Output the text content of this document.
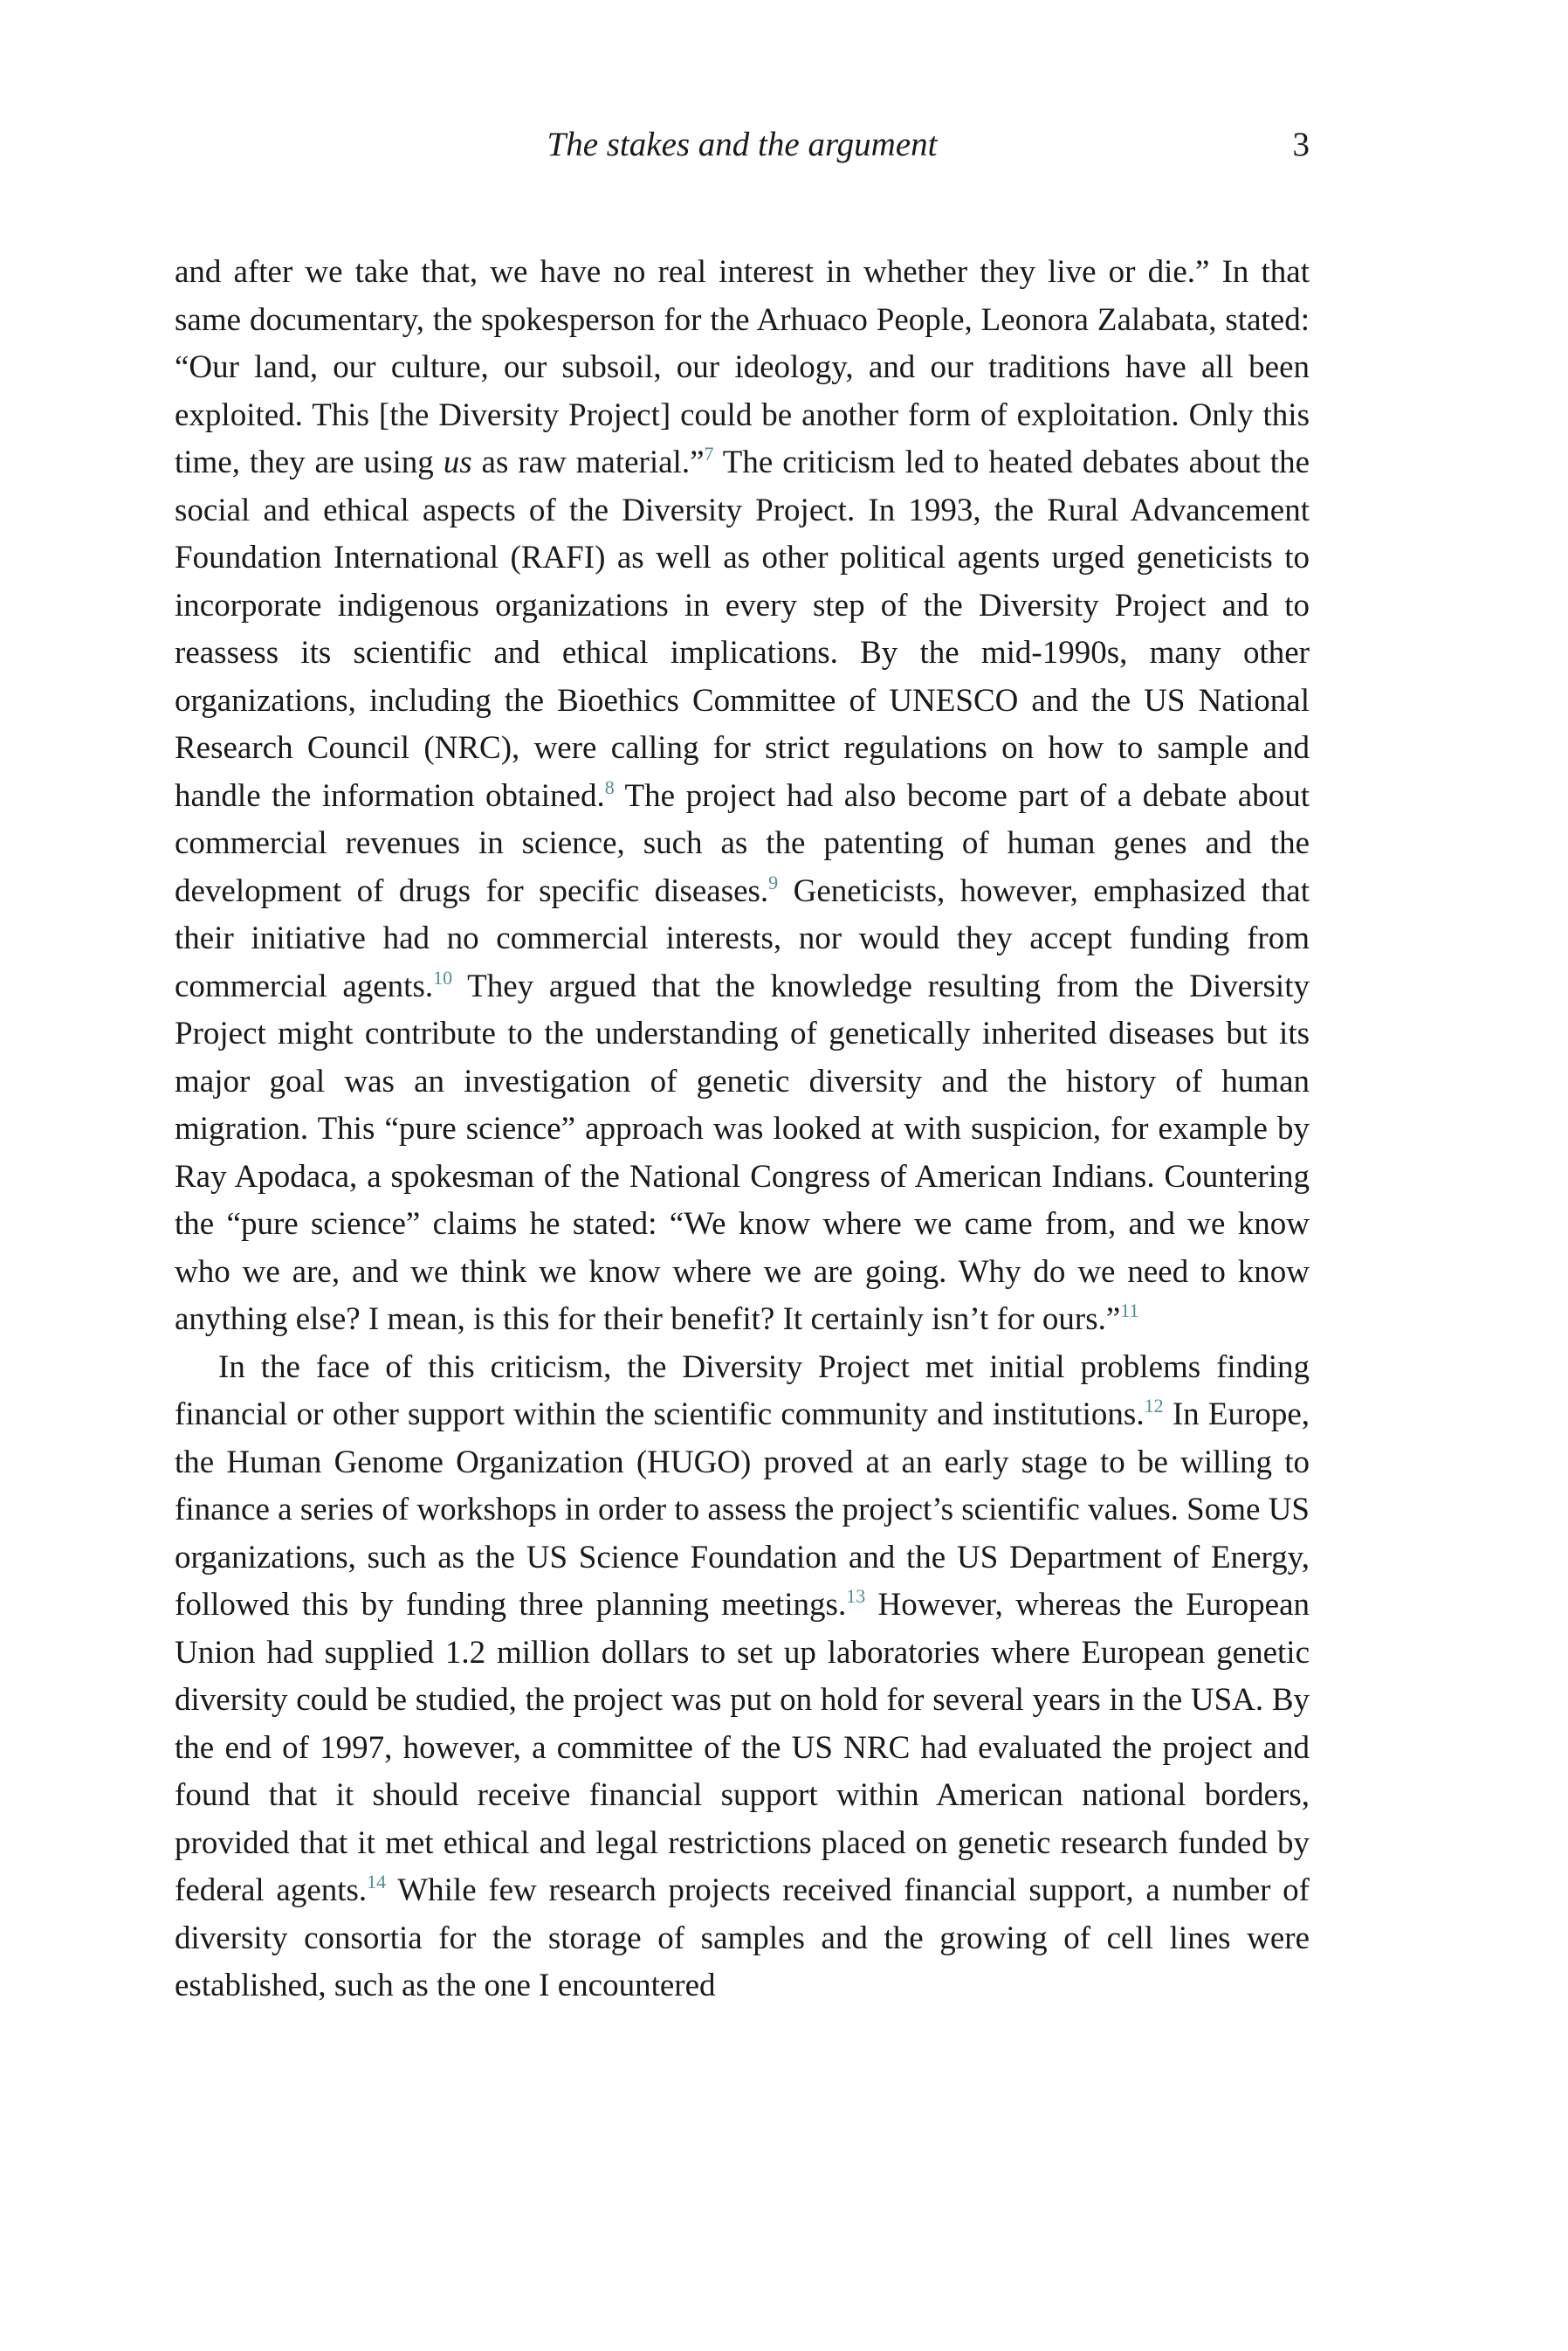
The stakes and the argument	3

and after we take that, we have no real interest in whether they live or die.” In that same documentary, the spokesperson for the Arhuaco People, Leonora Zalabata, stated: “Our land, our culture, our subsoil, our ideology, and our traditions have all been exploited. This [the Diversity Project] could be another form of exploitation. Only this time, they are using us as raw material.”$^7$ The criticism led to heated debates about the social and ethical aspects of the Diversity Project. In 1993, the Rural Advancement Foundation International (RAFI) as well as other political agents urged geneticists to incorporate indigenous organizations in every step of the Diversity Project and to reassess its scientific and ethical implications. By the mid-1990s, many other organizations, including the Bioethics Committee of UNESCO and the US National Research Council (NRC), were calling for strict regulations on how to sample and handle the information obtained.$^8$ The project had also become part of a debate about commercial revenues in science, such as the patenting of human genes and the development of drugs for specific diseases.$^9$ Geneticists, however, emphasized that their initiative had no commercial interests, nor would they accept funding from commercial agents.$^{10}$ They argued that the knowledge resulting from the Diversity Project might contribute to the understanding of genetically inherited diseases but its major goal was an investigation of genetic diversity and the history of human migration. This “pure science” approach was looked at with suspicion, for example by Ray Apodaca, a spokesman of the National Congress of American Indians. Countering the “pure science” claims he stated: “We know where we came from, and we know who we are, and we think we know where we are going. Why do we need to know anything else? I mean, is this for their benefit? It certainly isn’t for ours.”$^{11}$

In the face of this criticism, the Diversity Project met initial problems finding financial or other support within the scientific community and institutions.$^{12}$ In Europe, the Human Genome Organization (HUGO) proved at an early stage to be willing to finance a series of workshops in order to assess the project’s scientific values. Some US organizations, such as the US Science Foundation and the US Department of Energy, followed this by funding three planning meetings.$^{13}$ However, whereas the European Union had supplied 1.2 million dollars to set up laboratories where European genetic diversity could be studied, the project was put on hold for several years in the USA. By the end of 1997, however, a committee of the US NRC had evaluated the project and found that it should receive financial support within American national borders, provided that it met ethical and legal restrictions placed on genetic research funded by federal agents.$^{14}$ While few research projects received financial support, a number of diversity consortia for the storage of samples and the growing of cell lines were established, such as the one I encountered
